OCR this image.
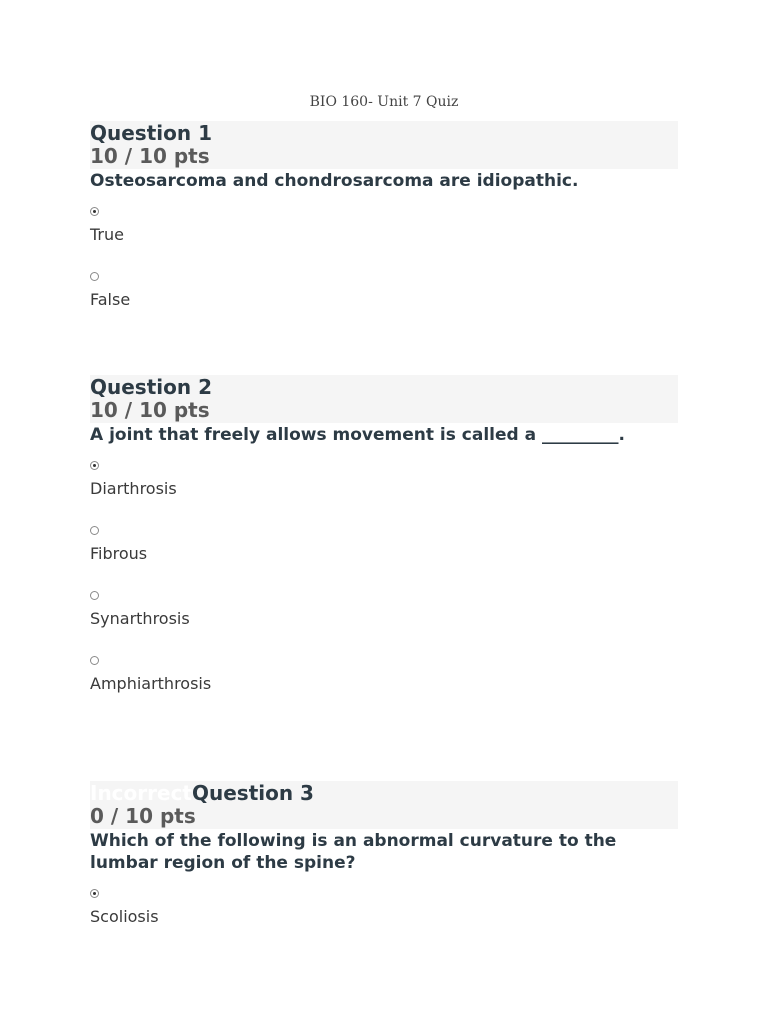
BIO 160- Unit 7 Quiz
Question 1
10 / 10 pts
Osteosarcoma and chondrosarcoma are idiopathic.
True
False
Question 2
10 / 10 pts
A joint that freely allows movement is called a _________.
Diarthrosis
Fibrous
Synarthrosis
Amphiarthrosis
IncorrectQuestion 3
0 / 10 pts
Which of the following is an abnormal curvature to the lumbar region of the spine?
Scoliosis
